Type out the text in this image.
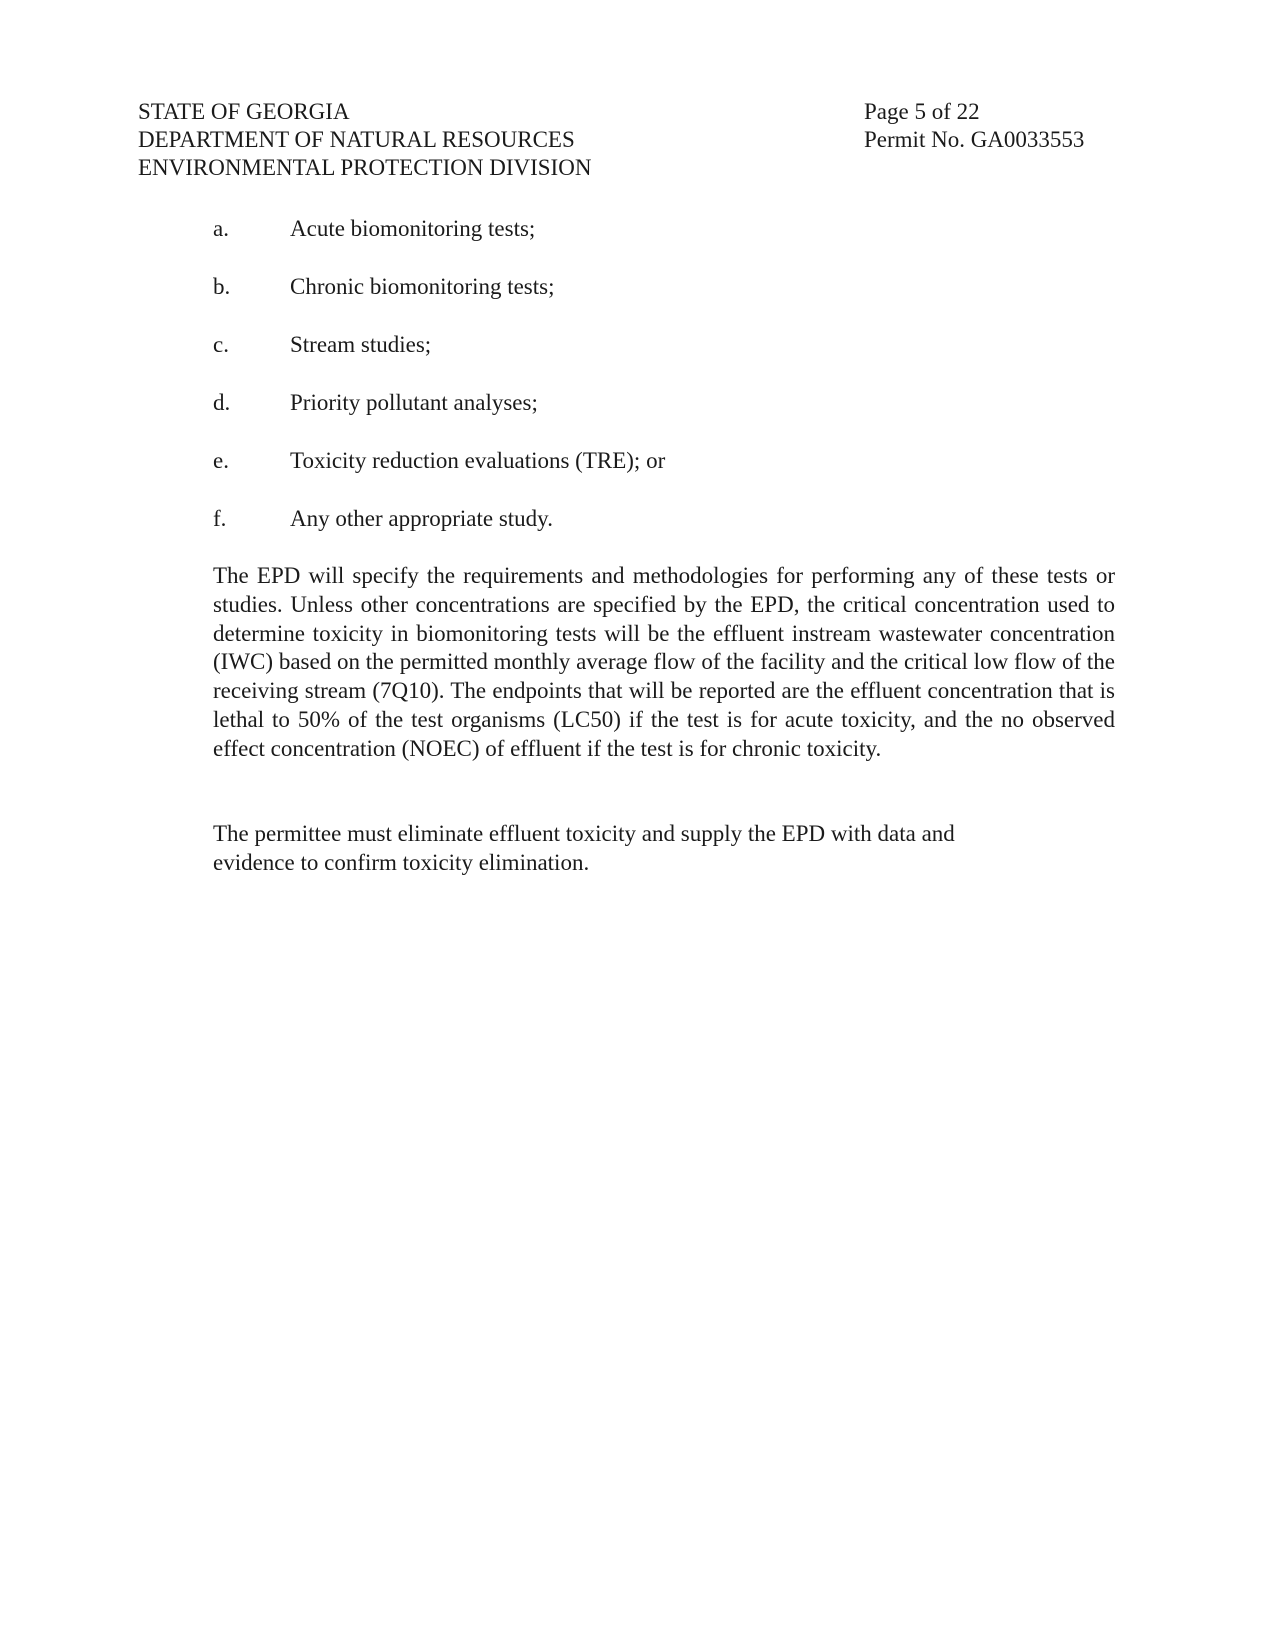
STATE OF GEORGIA
DEPARTMENT OF NATURAL RESOURCES
ENVIRONMENTAL PROTECTION DIVISION
Page 5 of 22
Permit No. GA0033553
a.	Acute biomonitoring tests;
b.	Chronic biomonitoring tests;
c.	Stream studies;
d.	Priority pollutant analyses;
e.	Toxicity reduction evaluations (TRE); or
f.	Any other appropriate study.

The EPD will specify the requirements and methodologies for performing any of these tests or studies. Unless other concentrations are specified by the EPD, the critical concentration used to determine toxicity in biomonitoring tests will be the effluent instream wastewater concentration (IWC) based on the permitted monthly average flow of the facility and the critical low flow of the receiving stream (7Q10). The endpoints that will be reported are the effluent concentration that is lethal to 50% of the test organisms (LC50) if the test is for acute toxicity, and the no observed effect concentration (NOEC) of effluent if the test is for chronic toxicity.

The permittee must eliminate effluent toxicity and supply the EPD with data and evidence to confirm toxicity elimination.
